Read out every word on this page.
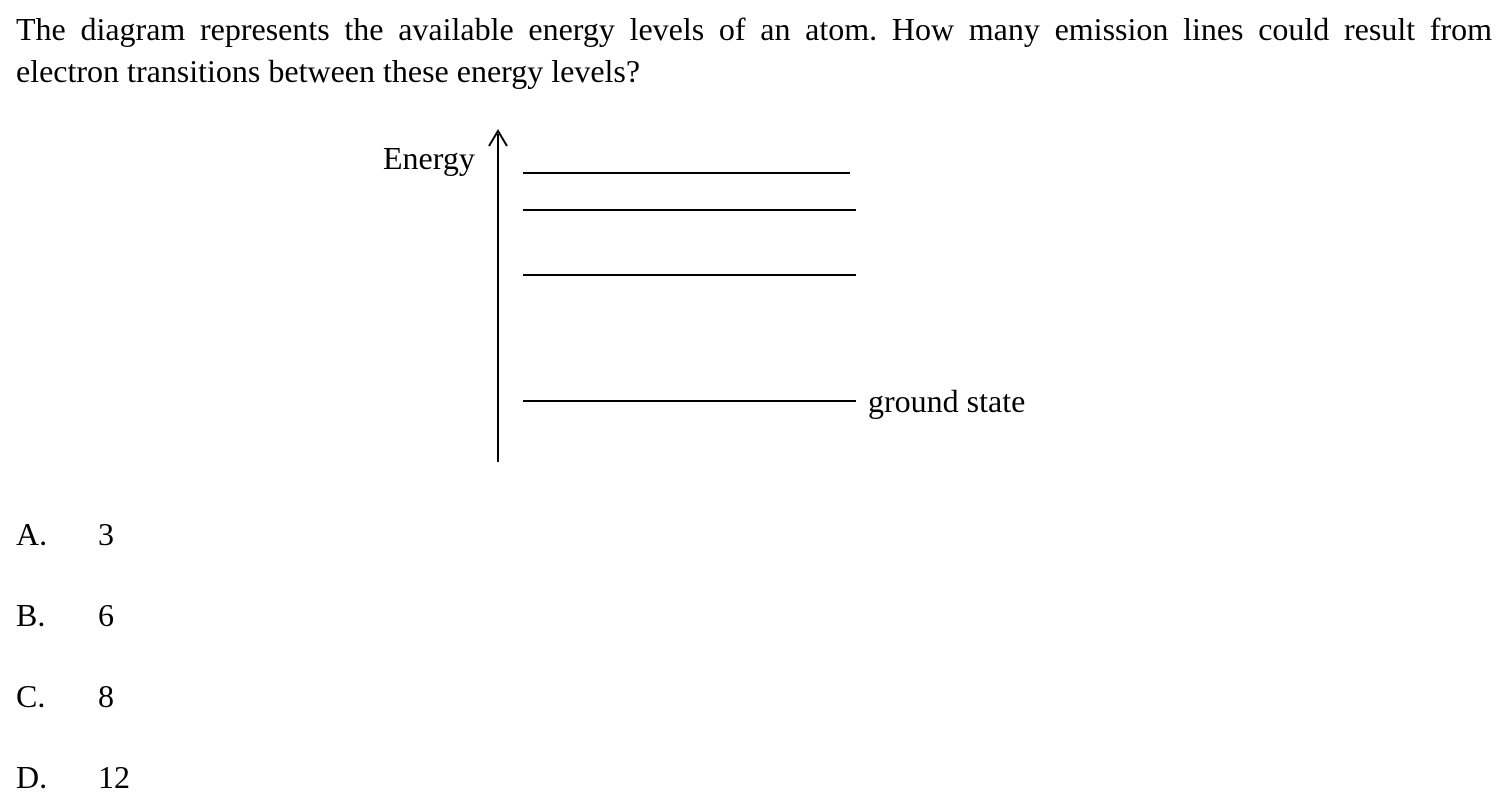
The diagram represents the available energy levels of an atom. How many emission lines could result from electron transitions between these energy levels?
Energy
ground state
A. 3
B. 6
C. 8
D. 12
